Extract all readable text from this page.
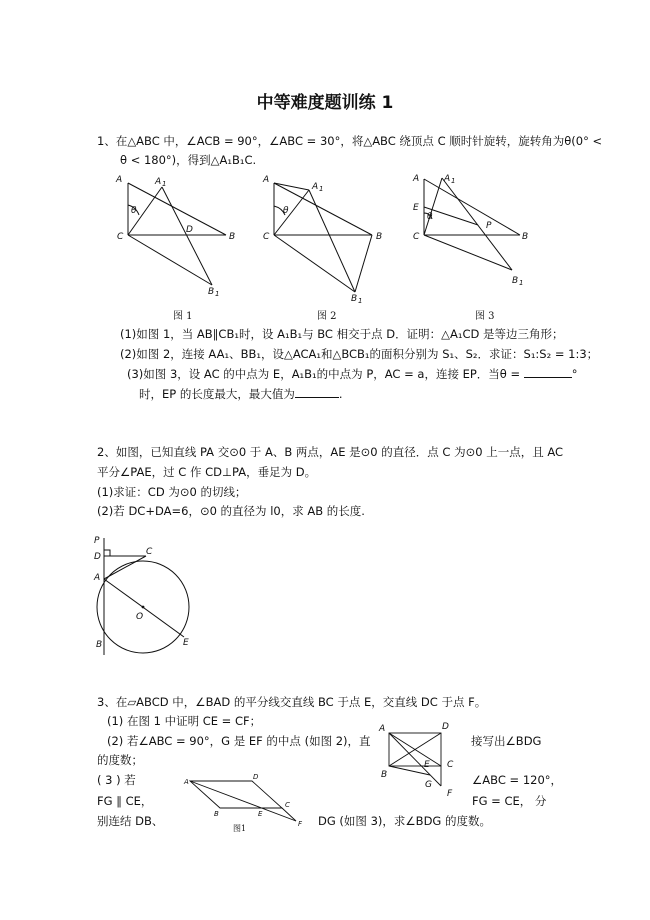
中等难度题训练 1
1、在△ABC 中，∠ACB = 90°，∠ABC = 30°，将△ABC 绕顶点 C 顺时针旋转，旋转角为θ(0° <
θ < 180°)，得到△A₁B₁C.
A	A 1
θ
C
D
B
B 1
A
A 1
θ
C	B
B 1
A	A 1
E
θ
P
C	B
B 1
图 1	图 2	图 3
(1)如图 1，当 AB∥CB₁时，设 A₁B₁与 BC 相交于点 D．证明：△A₁CD 是等边三角形；
(2)如图 2，连接 AA₁、BB₁，设△ACA₁和△BCB₁的面积分别为 S₁、S₂．求证：S₁:S₂ = 1:3；
(3)如图 3，设 AC 的中点为 E，A₁B₁的中点为 P，AC = a，连接 EP．当θ =	°
时，EP 的长度最大，最大值为	.
2、如图，已知直线 PA 交⊙0 于 A、B 两点，AE 是⊙0 的直径．点 C 为⊙0 上一点，且 AC
平分∠PAE，过 C 作 CD⊥PA，垂足为 D。
(1)求证：CD 为⊙0 的切线；
(2)若 DC+DA=6，⊙0 的直径为 l0，求 AB 的长度.
P
D	C
A
O
B	E
3、在▱ABCD 中，∠BAD 的平分线交直线 BC 于点 E，交直线 DC 于点 F。
(1) 在图 1 中证明 CE = CF；
(2) 若∠ABC = 90°，G 是 EF 的中点 (如图 2)，直	接写出∠BDG
的度数；
( 3 ) 若	∠ABC = 120°，
FG ∥ CE，	FG = CE， 分
别连结 DB、	DG (如图 3)，求∠BDG 的度数。
A
D
B	E
C
F
A	D
B
E C
G
F
图1
